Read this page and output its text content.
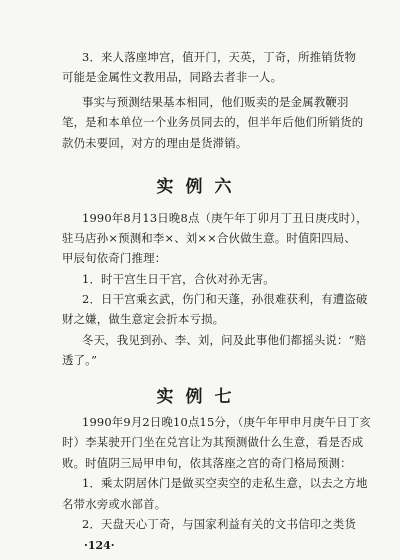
3．来人落座坤宫，值开门，天英，丁奇，所推销货物
可能是金属性文教用品，同路去者非一人。
事实与预测结果基本相同，他们贩卖的是金属教鞭羽
笔，是和本单位一个业务员同去的，但半年后他们所销货的
款仍未要回，对方的理由是货滞销。
实例六
1990年8月13日晚8点（庚午年丁卯月丁丑日庚戌时），
驻马店孙×预测和李×、刘××合伙做生意。时值阳四局、
甲辰旬依奇门推理：
1．时干宫生日干宫，合伙对孙无害。
2．日干宫乘玄武，伤门和天蓬，孙很难获利，有遭盗破
财之嫌，做生意定会折本亏损。
冬天，我见到孙、李、刘，问及此事他们都摇头说：“赔
透了。”
实例七
1990年9月2日晚10点15分，（庚午年甲申月庚午日丁亥
时）李某驶开门坐在兑宫让为其预测做什么生意，看是否成
败。时值阴三局甲申旬，依其落座之宫的奇门格局预测：
1．乘太阴居休门是做买空卖空的走私生意，以去之方地
名带水旁或水部首。
2．天盘天心丁奇，与国家利益有关的文书信印之类货
·124·
